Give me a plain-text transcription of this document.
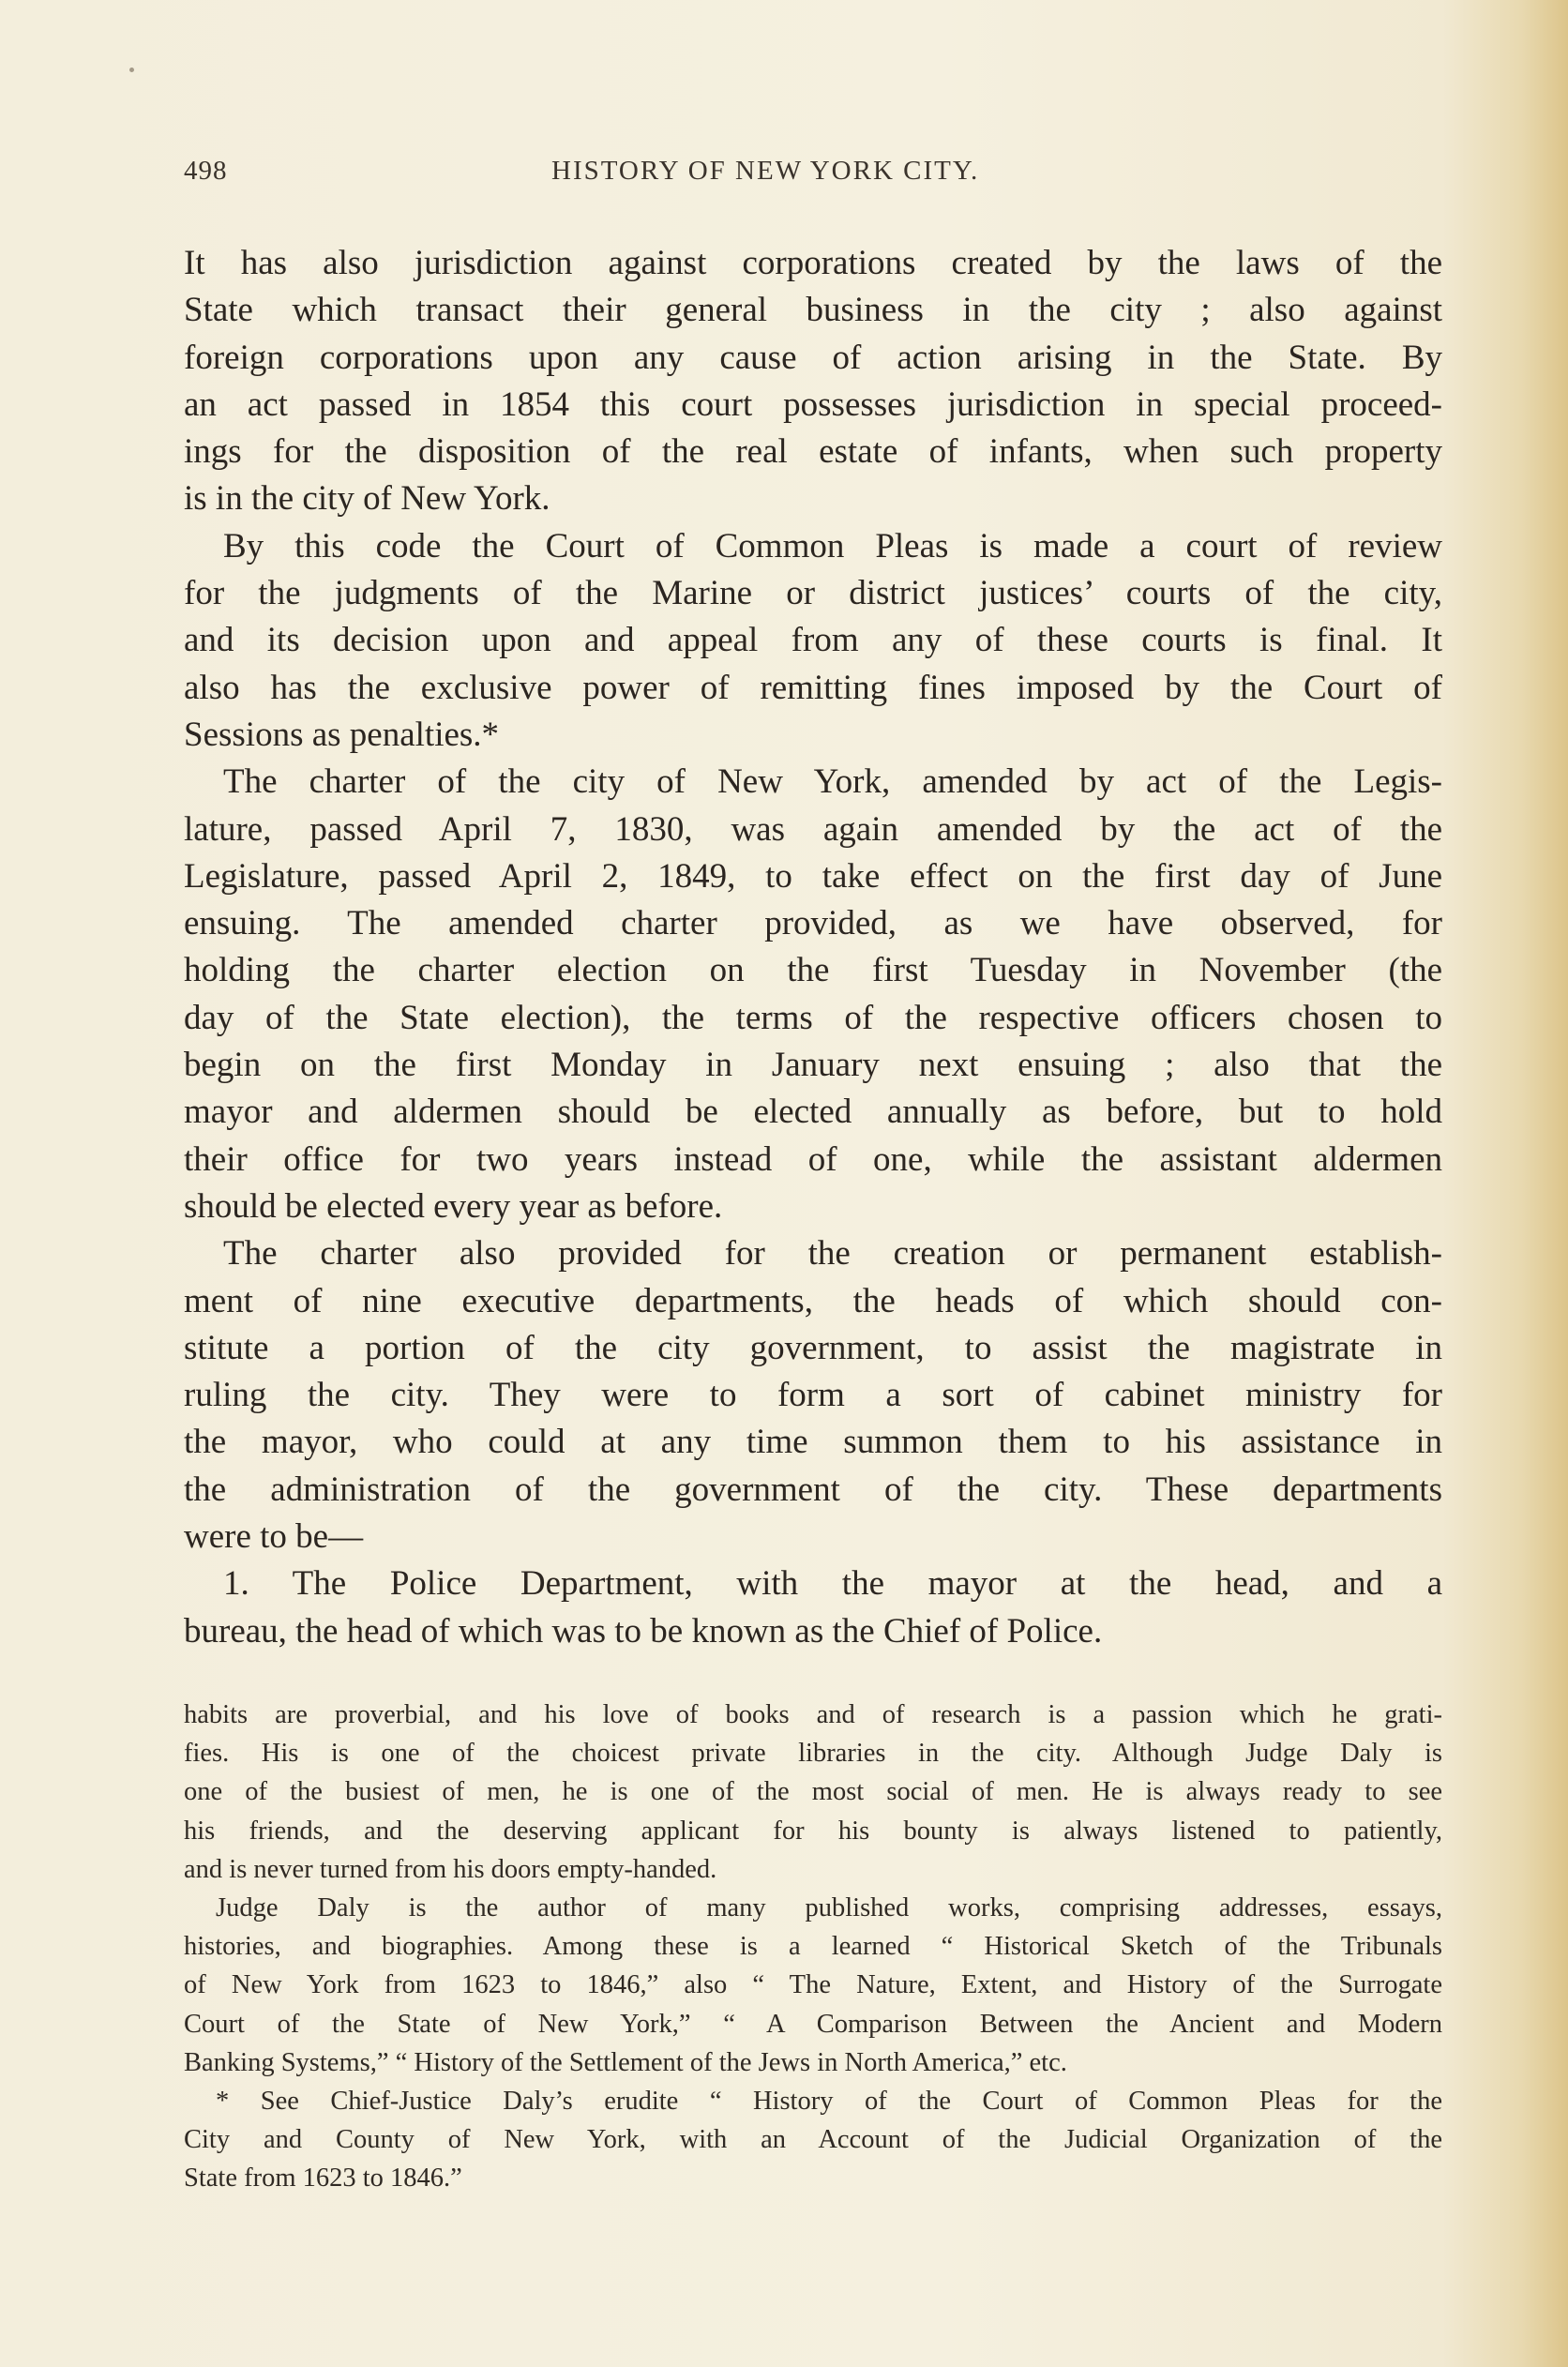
498	HISTORY OF NEW YORK CITY.
It has also jurisdiction against corporations created by the laws of the
State which transact their general business in the city ; also against
foreign corporations upon any cause of action arising in the State. By
an act passed in 1854 this court possesses jurisdiction in special proceed-
ings for the disposition of the real estate of infants, when such property
is in the city of New York.
By this code the Court of Common Pleas is made a court of review
for the judgments of the Marine or district justices’ courts of the city,
and its decision upon and appeal from any of these courts is final. It
also has the exclusive power of remitting fines imposed by the Court of
Sessions as penalties.*
The charter of the city of New York, amended by act of the Legis-
lature, passed April 7, 1830, was again amended by the act of the
Legislature, passed April 2, 1849, to take effect on the first day of June
ensuing. The amended charter provided, as we have observed, for
holding the charter election on the first Tuesday in November (the
day of the State election), the terms of the respective officers chosen to
begin on the first Monday in January next ensuing ; also that the
mayor and aldermen should be elected annually as before, but to hold
their office for two years instead of one, while the assistant aldermen
should be elected every year as before.
The charter also provided for the creation or permanent establish-
ment of nine executive departments, the heads of which should con-
stitute a portion of the city government, to assist the magistrate in
ruling the city. They were to form a sort of cabinet ministry for
the mayor, who could at any time summon them to his assistance in
the administration of the government of the city. These departments
were to be—
1. The Police Department, with the mayor at the head, and a
bureau, the head of which was to be known as the Chief of Police.
habits are proverbial, and his love of books and of research is a passion which he grati-
fies. His is one of the choicest private libraries in the city. Although Judge Daly is
one of the busiest of men, he is one of the most social of men. He is always ready to see
his friends, and the deserving applicant for his bounty is always listened to patiently,
and is never turned from his doors empty-handed.
Judge Daly is the author of many published works, comprising addresses, essays,
histories, and biographies. Among these is a learned “ Historical Sketch of the Tribunals
of New York from 1623 to 1846,” also “ The Nature, Extent, and History of the Surrogate
Court of the State of New York,” “ A Comparison Between the Ancient and Modern
Banking Systems,” “ History of the Settlement of the Jews in North America,” etc.
* See Chief-Justice Daly’s erudite “ History of the Court of Common Pleas for the
City and County of New York, with an Account of the Judicial Organization of the
State from 1623 to 1846.”
